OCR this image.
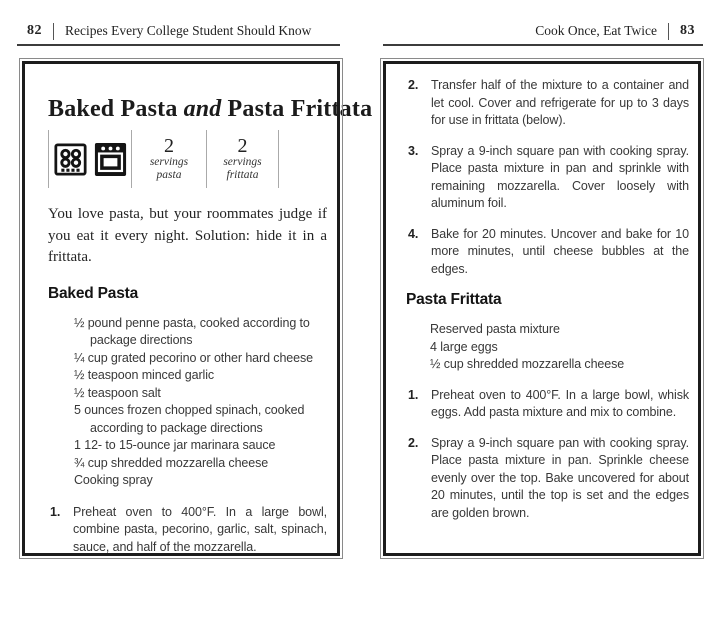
82 Recipes Every College Student Should Know	Cook Once, Eat Twice 83
Baked Pasta and Pasta Frittata
2
servings
pasta
2
servings
frittata

You love pasta, but your roommates judge if you eat it every night. Solution: hide it in a frittata.

Baked Pasta
½ pound penne pasta, cooked according to package directions
¼ cup grated pecorino or other hard cheese
½ teaspoon minced garlic
½ teaspoon salt
5 ounces frozen chopped spinach, cooked according to package directions
1 12- to 15-ounce jar marinara sauce
¾ cup shredded mozzarella cheese
Cooking spray
1.	Preheat oven to 400°F. In a large bowl, combine pasta, pecorino, garlic, salt, spinach, sauce, and half of the mozzarella.
2.	Transfer half of the mixture to a container and let cool. Cover and refrigerate for up to 3 days for use in frittata (below).
3.	Spray a 9-inch square pan with cooking spray. Place pasta mixture in pan and sprinkle with remaining mozzarella. Cover loosely with aluminum foil.
4.	Bake for 20 minutes. Uncover and bake for 10 more minutes, until cheese bubbles at the edges.
Pasta Frittata
Reserved pasta mixture
4 large eggs
½ cup shredded mozzarella cheese
1.	Preheat oven to 400°F. In a large bowl, whisk eggs. Add pasta mixture and mix to combine.
2.	Spray a 9-inch square pan with cooking spray. Place pasta mixture in pan. Sprinkle cheese evenly over the top. Bake uncovered for about 20 minutes, until the top is set and the edges are golden brown.
